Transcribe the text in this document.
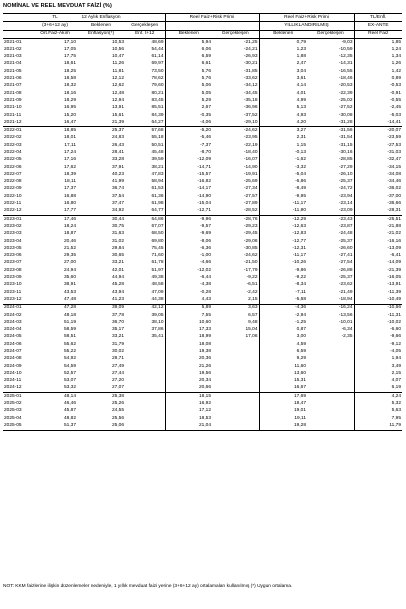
NOMİNAL VE REEL MEVDUAT FAİZİ (%)
	TL	12 Aylık Enflasyon		Reel Faiz+Risk Primi		Reel Faiz+Risk Primi		TL/Enfl.
	(3+6+12 ay)	Beklenen	Gerçekleşen			YILLIKLANDIRILMIŞ		EX-ANTE
	Ort.Faiz-Akım	Enflasyon(*)	Enf. t+12	Beklenen	Gerçekleşen	Beklenen	Gerçekleşen	Reel Faiz
2021-01	17,10	10,53	48,69	5,94	-21,25	0,79	-9,03	1,85
2021-02	17,05	10,56	54,44	6,06	-24,21	1,23	-10,59	1,24
2021-03	17,75	10,47	61,14	6,59	-26,93	1,88	-12,35	1,34
2021-04	18,61	11,26	69,97	6,61	-30,21	2,47	-14,31	1,26
2021-05	18,25	11,81	73,50	5,76	-31,85	3,04	-16,55	1,42
2021-06	18,58	12,12	78,62	5,76	-33,62	3,61	-18,46	0,89
2021-07	18,32	12,62	79,60	5,06	-34,12	4,14	-20,53	-0,53
2021-08	18,16	12,48	80,21	5,05	-34,45	4,01	-22,39	-0,91
2021-09	18,29	12,94	83,45	5,29	-35,18	4,99	-25,02	-0,55
2021-10	16,95	13,91	85,51	2,67	-36,96	5,13	-27,52	-2,45
2021-11	15,20	15,61	84,39	-0,35	-37,52	4,93	-30,08	-5,03
2021-12	16,47	21,39	64,27	-4,06	-29,10	4,20	-31,28	-14,41
2022-01	18,85	25,37	57,68	-5,20	-24,62	3,27	-31,56	-20,07
2022-02	18,01	24,83	55,18	-5,46	-23,95	2,31	-31,54	-23,59
2022-03	17,11	26,43	50,51	-7,37	-22,19	1,15	-31,15	-27,53
2022-04	17,24	28,41	45,48	-8,70	-18,40	-0,13	-30,16	-31,03
2022-05	17,16	33,28	39,59	-12,09	-16,07	-1,62	-28,85	-32,47
2022-06	17,62	37,91	38,21	-14,71	-14,90	-3,32	-27,29	-34,15
2022-07	18,39	40,23	47,83	-15,57	-19,91	-5,04	-26,10	-34,08
2022-08	18,11	41,99	58,94	-16,82	-25,69	-6,86	-25,37	-34,46
2022-09	17,37	36,74	61,53	-14,17	-27,34	-8,49	-24,72	-36,02
2022-10	16,88	37,54	61,36	-14,90	-27,57	-9,95	-23,94	-37,00
2022-11	16,80	37,47	61,98	-15,04	-27,89	-11,17	-23,14	-36,66
2022-12	17,77	34,92	64,77	-12,71	-28,52	-11,90	-23,09	-28,31
2023-01	17,46	30,44	64,86	-9,96	-28,76	-12,29	-23,43	-25,51
2023-02	18,24	30,75	67,07	-9,57	-29,23	-12,63	-23,87	-21,88
2023-03	18,87	31,63	68,50	-9,69	-29,45	-12,83	-24,48	-21,02
2023-04	20,46	31,02	69,80	-8,06	-29,06	-12,77	-25,37	-16,16
2023-05	21,52	29,84	75,45	-6,36	-30,85	-12,31	-26,60	-13,09
2023-06	29,35	30,65	71,60	-1,00	-24,62	-11,17	-27,41	-6,41
2023-07	27,00	33,21	61,78	-4,66	-21,50	-10,26	-27,54	-14,09
2023-08	24,94	42,01	51,97	-12,02	-17,79	-9,86	-26,88	-21,39
2023-09	35,60	44,94	49,38	-6,44	-9,22	-9,22	-25,37	-16,05
2023-10	38,91	45,28	48,58	-4,38	-6,51	-8,34	-23,62	-13,91
2023-11	43,53	43,94	47,09	-0,28	-2,42	-7,11	-21,49	-11,39
2023-12	47,48	41,23	44,38	4,43	2,15	-5,68	-18,94	-10,49
2024-01	47,28	39,09	42,12	5,89	3,63	-4,36	-16,24	-10,66
2024-02	48,18	37,78	39,05	7,55	6,57	-2,94	-13,56	-11,31
2024-03	51,19	36,70	38,10	10,60	9,48	-1,25	-10,01	-10,02
2024-04	58,59	35,17	37,86	17,33	15,04	0,87	-6,34	-6,60
2024-05	58,51	33,21	35,41	18,99	17,06	3,00	-2,35	-9,66
2024-06	55,62	31,79		18,08		4,59		-9,12
2024-07	55,22	30,02		19,38		6,59		-4,05
2024-08	54,92	28,71		20,36		9,29		1,94
2024-09	54,59	27,49		21,26		11,60		3,49
2024-10	52,57	27,44		19,56		13,60		2,15
2024-11	53,07	27,20		20,34		15,31		4,07
2024-12	53,32	27,07		20,66		16,67		6,19
2025-01	48,14	25,38		18,15		17,69		4,24
2025-02	46,46	25,26		16,92		18,47		5,32
2025-03	45,87	24,55		17,12		19,01		5,63
2025-04	48,82	25,56		18,53		19,11		7,95
2025-05	51,37	25,06		21,04		19,28		11,79
NOT: KKM faizlerine ilişkin düzenlemeler nedeniyle, 1 yıllık mevduat faizi yerine (3+6+12 ay) ortalamaları kullanılmış (*) Uygun ortalama.
